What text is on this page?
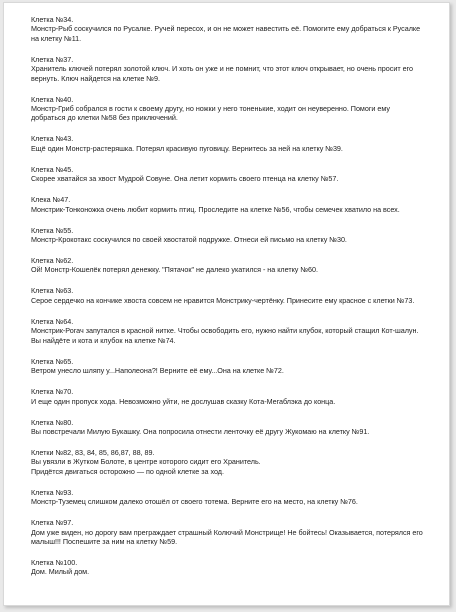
Клетка №34.
Монстр-Рыб соскучился по Русалке. Ручей пересох, и он не может навестить её. Помогите ему добраться к Русалке
на клетку №11.
Клетка №37.
Хранитель ключей потерял золотой ключ. И хоть он уже и не помнит, что этот ключ открывает, но очень просит его
вернуть. Ключ найдется на клетке №9.
Клетка №40.
Монстр-Гриб собрался в гости к своему другу, но ножки у него тоненькие, ходит он неуверенно. Помоги ему
добраться до клетки №58 без приключений.
Клетка №43.
Ещё один Монстр-растеряшка. Потерял красивую пуговицу. Вернитесь за ней на клетку №39.
Клетка №45.
Скорее хватайся за хвост Мудрой Совуне. Она летит кормить своего птенца на клетку №57.
Клека №47.
Монстрик-Тонконожка очень любит кормить птиц. Проследите на клетке №56, чтобы семечек хватило на всех.
Клетка №55.
Монстр-Крокотакс соскучился по своей хвостатой подружке. Отнеси ей письмо на клетку №30.
Клетка №62.
Ой! Монстр-Кошелёк потерял денежку. "Пятачок" не далеко укатился - на клетку №60.
Клетка №63.
Серое сердечко на кончике хвоста совсем не нравится Монстрику-чертёнку. Принесите ему красное с клетки №73.
Клетка №64.
Монстрик-Рогач запутался в красной нитке. Чтобы освободить его, нужно найти клубок, который стащил Кот-шалун.
Вы найдёте и кота и клубок на клетке №74.
Клетка №65.
Ветром унесло шляпу у...Наполеона?! Верните её ему...Она на клетке №72.
Клетка №70.
И еще один пропуск хода. Невозможно уйти, не дослушав сказку Кота-Мегаблэка до конца.
Клетка №80.
Вы повстречали Милую Букашку. Она попросила отнести ленточку её другу Жукомаю на клетку №91.
Клетки №82, 83, 84, 85, 86,87, 88, 89.
Вы увязли в Жутком Болоте, в центре которого сидит его Хранитель.
Придётся двигаться осторожно — по одной клетке за ход.
Клетка №93.
Монстр-Туземец слишком далеко отошёл от своего тотема. Верните его на место, на клетку №76.
Клетка №97.
Дом уже виден, но дорогу вам преграждает страшный Колючий Монстрище! Не бойтесь! Оказывается, потерялся его
малыш!!! Поспешите за ним на клетку №59.
Клетка №100.
Дом. Милый дом.
